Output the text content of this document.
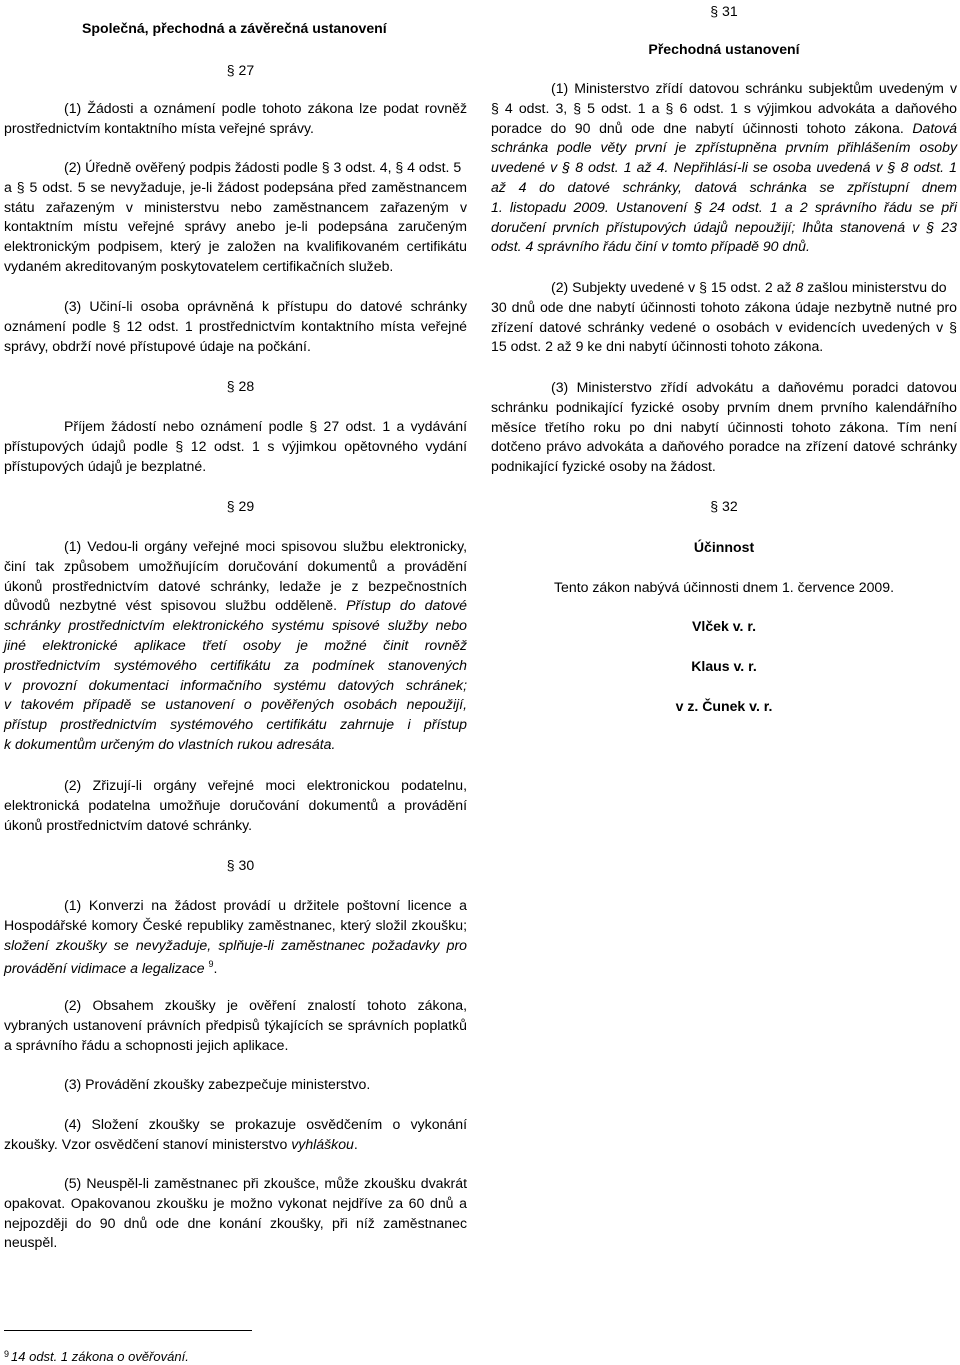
Společná, přechodná a závěrečná ustanovení
§ 27
(1) Žádosti a oznámení podle tohoto zákona lze podat rovněž
prostřednictvím kontaktního místa veřejné správy.
(2) Úředně ověřený podpis žádosti podle § 3 odst. 4, § 4 odst. 5
a § 5 odst. 5 se nevyžaduje, je-li žádost podepsána před zaměstnancem
státu zařazeným v ministerstvu nebo zaměstnancem zařazeným v
kontaktním místu veřejné správy anebo je-li podepsána zaručeným
elektronickým podpisem, který je založen na kvalifikovaném certifikátu
vydaném akreditovaným poskytovatelem certifikačních služeb.
(3) Učiní-li osoba oprávněná k přístupu do datové schránky
oznámení podle § 12 odst. 1 prostřednictvím kontaktního místa veřejné
správy, obdrží nové přístupové údaje na počkání.
§ 28
Příjem žádostí nebo oznámení podle § 27 odst. 1 a vydávání
přístupových údajů podle § 12 odst. 1 s výjimkou opětovného vydání
přístupových údajů je bezplatné.
§ 29
(1) Vedou-li orgány veřejné moci spisovou službu elektronicky,
činí tak způsobem umožňujícím doručování dokumentů a provádění
úkonů prostřednictvím datové schránky, ledaže je z bezpečnostních
důvodů nezbytné vést spisovou službu odděleně. Přístup do datové
schránky prostřednictvím elektronického systému spisové služby nebo
jiné elektronické aplikace třetí osoby je možné činit rovněž
prostřednictvím systémového certifikátu za podmínek stanovených
v provozní dokumentaci informačního systému datových schránek;
v takovém případě se ustanovení o pověřených osobách nepoužijí,
přístup prostřednictvím systémového certifikátu zahrnuje i přístup
k dokumentům určeným do vlastních rukou adresáta.
(2) Zřizují-li orgány veřejné moci elektronickou podatelnu,
elektronická podatelna umožňuje doručování dokumentů a provádění
úkonů prostřednictvím datové schránky.
§ 30
(1) Konverzi na žádost provádí u držitele poštovní licence a
Hospodářské komory České republiky zaměstnanec, který složil zkoušku;
složení zkoušky se nevyžaduje, splňuje-li zaměstnanec požadavky pro
provádění vidimace a legalizace $^9$.
(2) Obsahem zkoušky je ověření znalostí tohoto zákona,
vybraných ustanovení právních předpisů týkajících se správních poplatků
a správního řádu a schopnosti jejich aplikace.
(3) Provádění zkoušky zabezpečuje ministerstvo.
(4) Složení zkoušky se prokazuje osvědčením o vykonání
zkoušky. Vzor osvědčení stanoví ministerstvo vyhláškou.
(5) Neuspěl-li zaměstnanec při zkoušce, může zkoušku dvakrát
opakovat. Opakovanou zkoušku je možno vykonat nejdříve za 60 dnů a
nejpozději do 90 dnů ode dne konání zkoušky, při níž zaměstnanec
neuspěl.
§ 31
Přechodná ustanovení
(1) Ministerstvo zřídí datovou schránku subjektům uvedeným v
§ 4 odst. 3, § 5 odst. 1 a § 6 odst. 1 s výjimkou advokáta a daňového
poradce do 90 dnů ode dne nabytí účinnosti tohoto zákona. Datová
schránka podle věty první je zpřístupněna prvním přihlášením osoby
uvedené v § 8 odst. 1 až 4. Nepřihlásí-li se osoba uvedená v § 8 odst. 1
až 4 do datové schránky, datová schránka se zpřístupní dnem
1. listopadu 2009. Ustanovení § 24 odst. 1 a 2 správního řádu se při
doručení prvních přístupových údajů nepoužijí; lhůta stanovená v § 23
odst. 4 správního řádu činí v tomto případě 90 dnů.
(2) Subjekty uvedené v § 15 odst. 2 až 8 zašlou ministerstvu do
30 dnů ode dne nabytí účinnosti tohoto zákona údaje nezbytně nutné pro
zřízení datové schránky vedené o osobách v evidencích uvedených v §
15 odst. 2 až 9 ke dni nabytí účinnosti tohoto zákona.
(3) Ministerstvo zřídí advokátu a daňovému poradci datovou
schránku podnikající fyzické osoby prvním dnem prvního kalendářního
měsíce třetího roku po dni nabytí účinnosti tohoto zákona. Tím není
dotčeno právo advokáta a daňového poradce na zřízení datové schránky
podnikající fyzické osoby na žádost.
§ 32
Účinnost
Tento zákon nabývá účinnosti dnem 1. července 2009.
Vlček v. r.
Klaus v. r.
v z. Čunek v. r.
$^9$ 14 odst. 1 zákona o ověřování.
